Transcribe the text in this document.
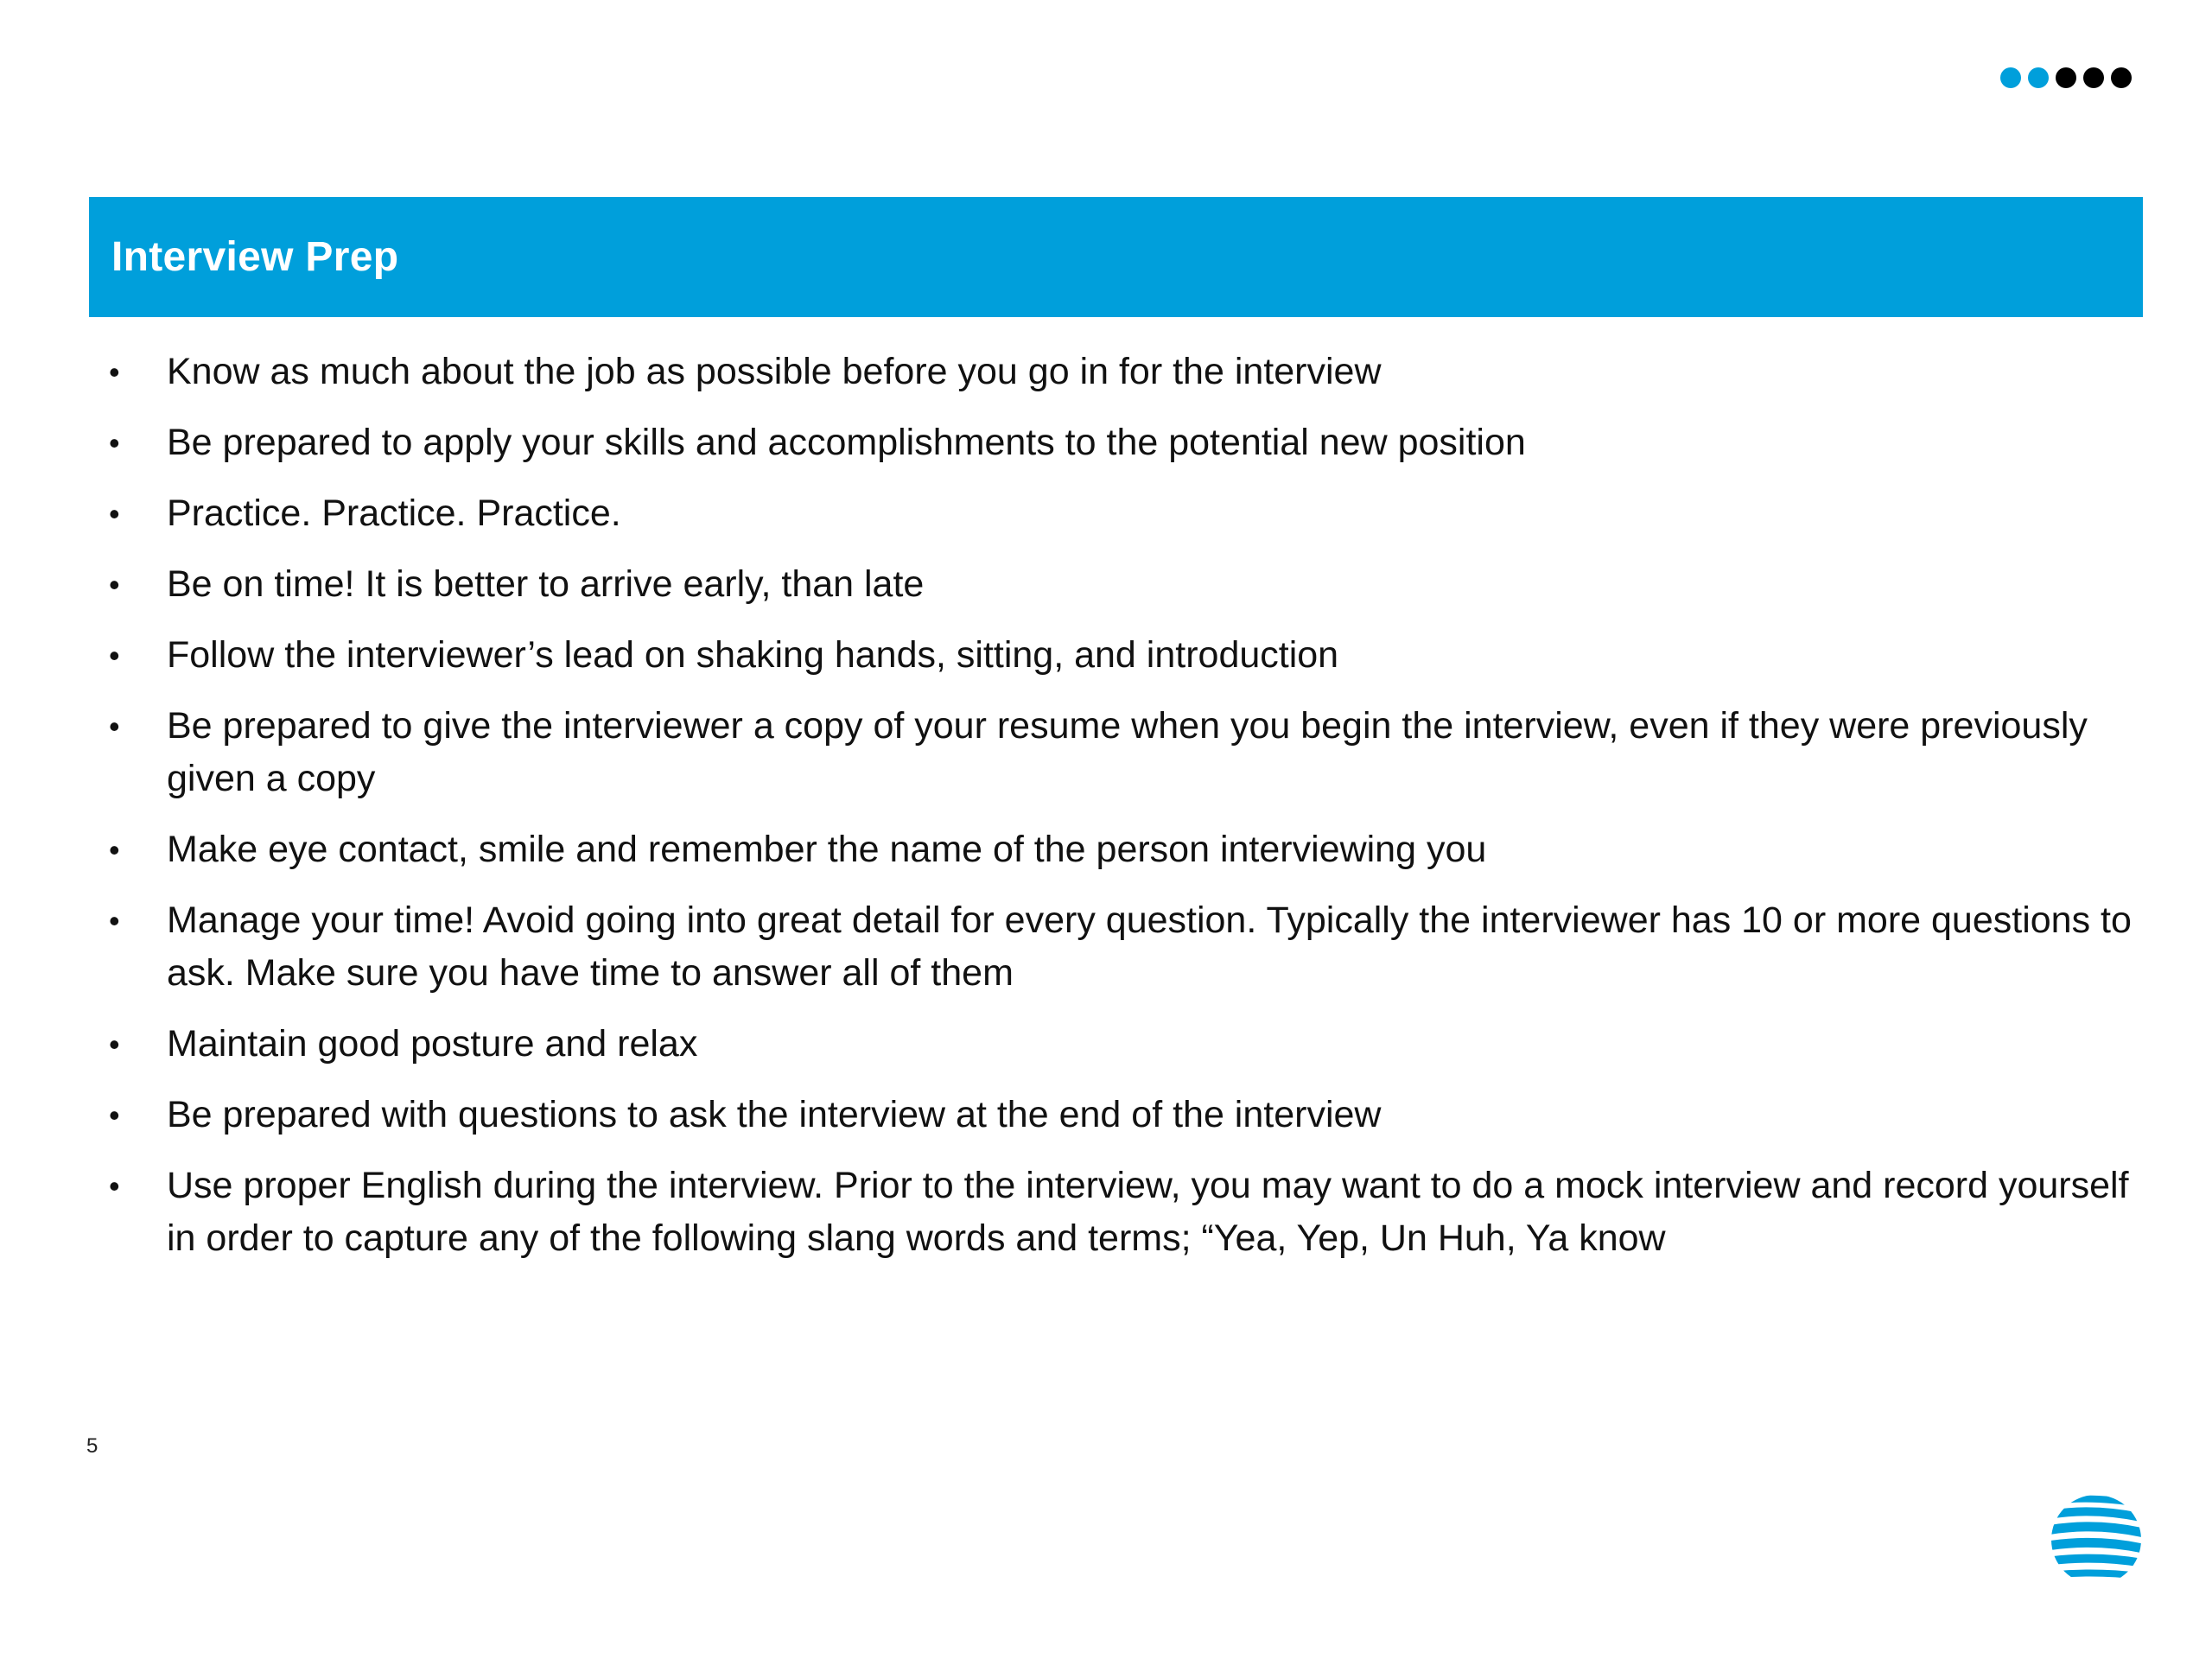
Interview Prep
•	Know as much about the job as possible before you go in for the interview
•	Be prepared to apply your skills and accomplishments to the potential new position
•	Practice. Practice. Practice.
•	Be on time! It is better to arrive early, than late
•	Follow the interviewer’s lead on shaking hands, sitting, and introduction
•	Be prepared to give the interviewer a copy of your resume when you begin the interview, even if they were previously given a copy
•	Make eye contact, smile and remember the name of the person interviewing you
•	Manage your time! Avoid going into great detail for every question. Typically the interviewer has 10 or more questions to ask. Make sure you have time to answer all of them
•	Maintain good posture and relax
•	Be prepared with questions to ask the interview at the end of the interview
•	Use proper English during the interview. Prior to the interview, you may want to do a mock interview and record yourself in order to capture any of the following slang words and terms; “Yea, Yep, Un Huh, Ya know
5
